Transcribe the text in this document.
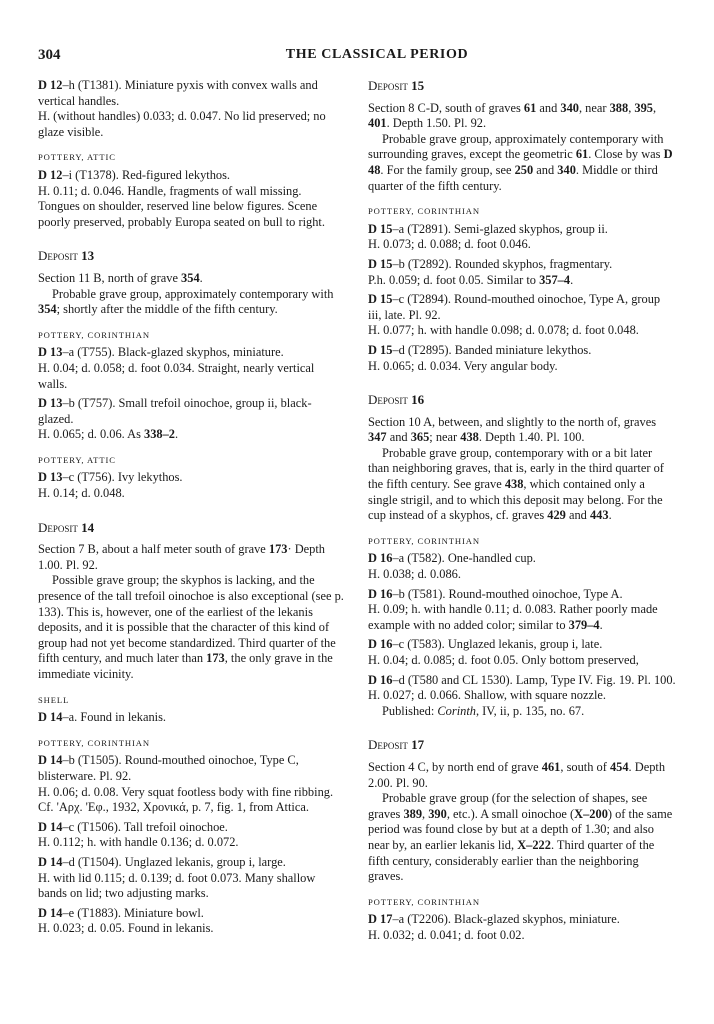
304	THE CLASSICAL PERIOD

D 12–h (T1381). Miniature pyxis with convex walls and vertical handles.

H. (without handles) 0.033; d. 0.047. No lid preserved; no glaze visible.

POTTERY, ATTIC

D 12–i (T1378). Red-figured lekythos.

H. 0.11; d. 0.046. Handle, fragments of wall missing. Tongues on shoulder, reserved line below figures. Scene poorly preserved, probably Europa seated on bull to right.

Deposit 13

Section 11 B, north of grave 354.

Probable grave group, approximately contemporary with 354; shortly after the middle of the fifth century.

POTTERY, CORINTHIAN

D 13–a (T755). Black-glazed skyphos, miniature.

H. 0.04; d. 0.058; d. foot 0.034. Straight, nearly vertical walls.

D 13–b (T757). Small trefoil oinochoe, group ii, black-glazed.

H. 0.065; d. 0.06. As 338–2.

POTTERY, ATTIC

D 13–c (T756). Ivy lekythos.

H. 0.14; d. 0.048.

Deposit 14

Section 7 B, about a half meter south of grave 173· Depth 1.00. Pl. 92.

Possible grave group; the skyphos is lacking, and the presence of the tall trefoil oinochoe is also exceptional (see p. 133). This is, however, one of the earliest of the lekanis deposits, and it is possible that the character of this kind of group had not yet become standardized. Third quarter of the fifth century, and much later than 173, the only grave in the immediate vicinity.

SHELL

D 14–a. Found in lekanis.

POTTERY, CORINTHIAN

D 14–b (T1505). Round-mouthed oinochoe, Type C, blisterware. Pl. 92.

H. 0.06; d. 0.08. Very squat footless body with fine ribbing. Cf. 'Αρχ. 'Εφ., 1932, Χρονικά, p. 7, fig. 1, from Attica.

D 14–c (T1506). Tall trefoil oinochoe.

H. 0.112; h. with handle 0.136; d. 0.072.

D 14–d (T1504). Unglazed lekanis, group i, large.

H. with lid 0.115; d. 0.139; d. foot 0.073. Many shallow bands on lid; two adjusting marks.

D 14–e (T1883). Miniature bowl.

H. 0.023; d. 0.05. Found in lekanis.

Deposit 15

Section 8 C-D, south of graves 61 and 340, near 388, 395, 401. Depth 1.50. Pl. 92.

Probable grave group, approximately contemporary with surrounding graves, except the geometric 61. Close by was D 48. For the family group, see 250 and 340. Middle or third quarter of the fifth century.

POTTERY, CORINTHIAN

D 15–a (T2891). Semi-glazed skyphos, group ii.

H. 0.073; d. 0.088; d. foot 0.046.

D 15–b (T2892). Rounded skyphos, fragmentary.

P.h. 0.059; d. foot 0.05. Similar to 357–4.

D 15–c (T2894). Round-mouthed oinochoe, Type A, group iii, late. Pl. 92.

H. 0.077; h. with handle 0.098; d. 0.078; d. foot 0.048.

D 15–d (T2895). Banded miniature lekythos.

H. 0.065; d. 0.034. Very angular body.

Deposit 16

Section 10 A, between, and slightly to the north of, graves 347 and 365; near 438. Depth 1.40. Pl. 100.

Probable grave group, contemporary with or a bit later than neighboring graves, that is, early in the third quarter of the fifth century. See grave 438, which contained only a single strigil, and to which this deposit may belong. For the cup instead of a skyphos, cf. graves 429 and 443.

POTTERY, CORINTHIAN

D 16–a (T582). One-handled cup.

H. 0.038; d. 0.086.

D 16–b (T581). Round-mouthed oinochoe, Type A.

H. 0.09; h. with handle 0.11; d. 0.083. Rather poorly made example with no added color; similar to 379–4.

D 16–c (T583). Unglazed lekanis, group i, late.

H. 0.04; d. 0.085; d. foot 0.05. Only bottom preserved,

D 16–d (T580 and CL 1530). Lamp, Type IV. Fig. 19. Pl. 100.

H. 0.027; d. 0.066. Shallow, with square nozzle.

Published: Corinth, IV, ii, p. 135, no. 67.

Deposit 17

Section 4 C, by north end of grave 461, south of 454. Depth 2.00. Pl. 90.

Probable grave group (for the selection of shapes, see graves 389, 390, etc.). A small oinochoe (X–200) of the same period was found close by but at a depth of 1.30; and also near by, an earlier lekanis lid, X–222. Third quarter of the fifth century, considerably earlier than the neighboring graves.

POTTERY, CORINTHIAN

D 17–a (T2206). Black-glazed skyphos, miniature.

H. 0.032; d. 0.041; d. foot 0.02.
